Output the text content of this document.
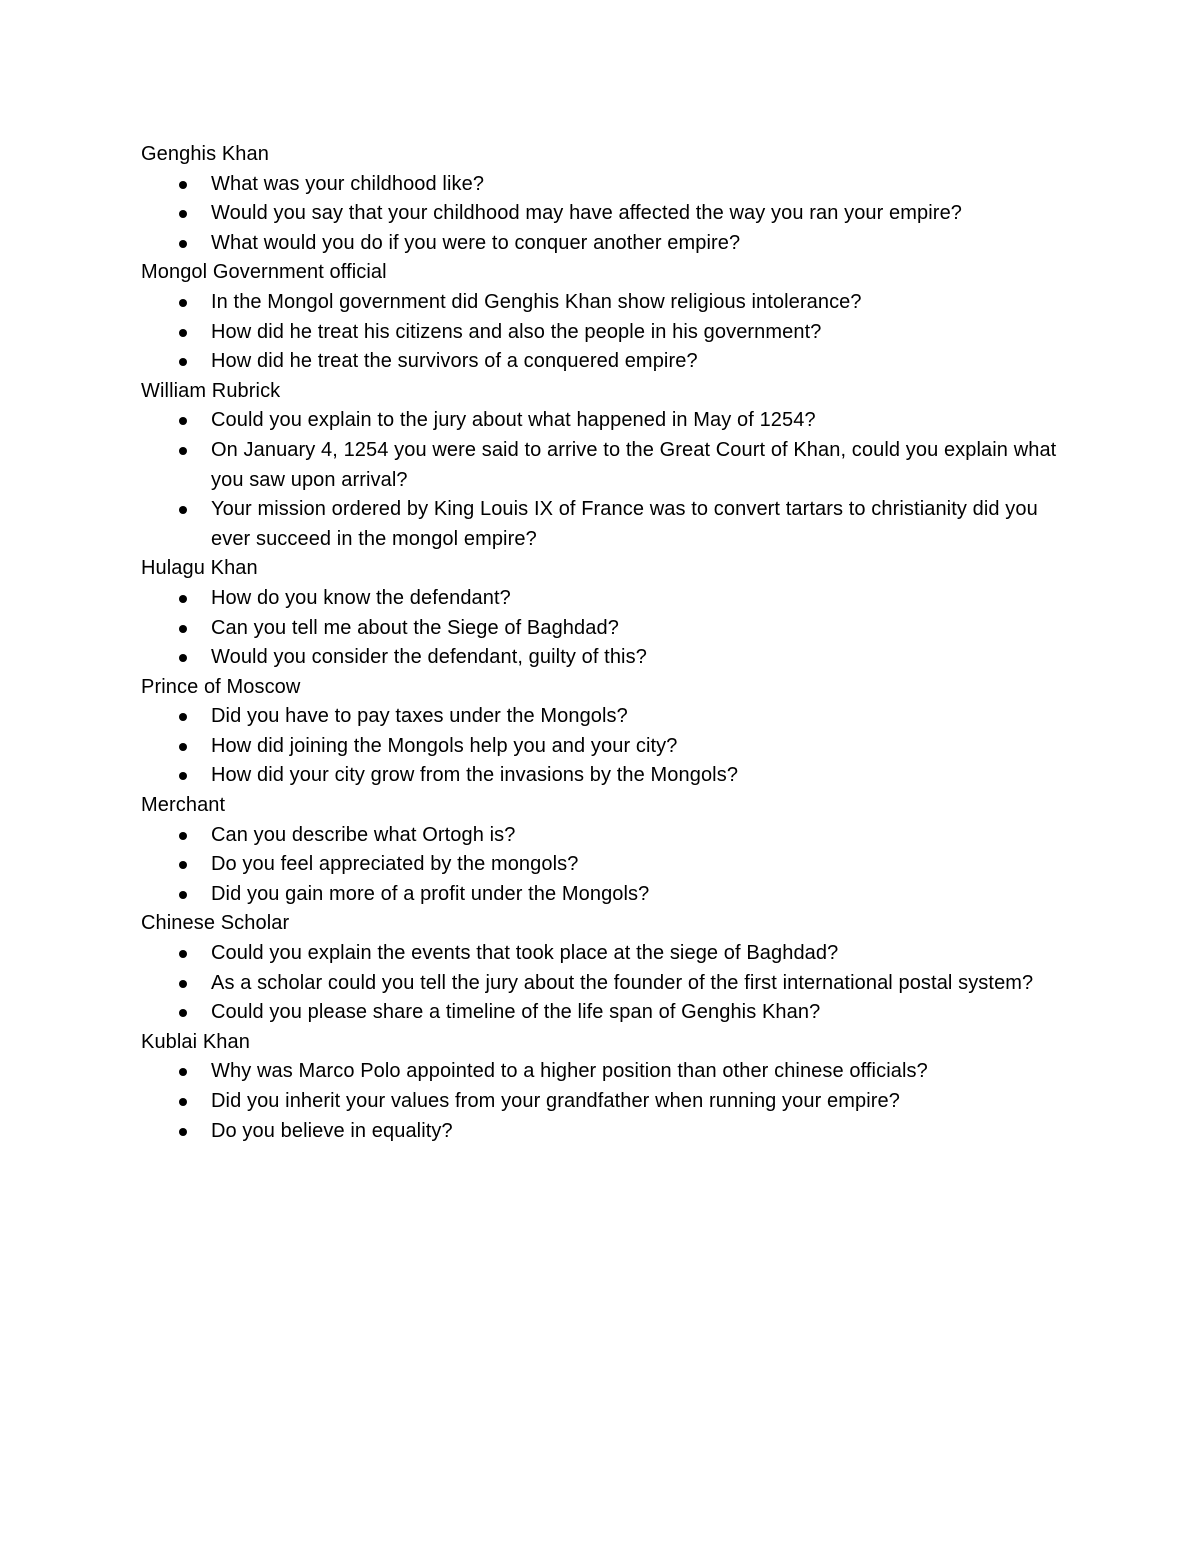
Genghis Khan

What was your childhood like?
Would you say that your childhood may have affected the way you ran your empire?
What would you do if you were to conquer another empire?

Mongol Government official

In the Mongol government did Genghis Khan show religious intolerance?
How did he treat his citizens and also the people in his government?
How did he treat the survivors of a conquered empire?

William Rubrick

Could you explain to the jury about what happened in May of 1254?
On January 4, 1254 you were said to arrive to the Great Court of Khan, could you explain what you saw upon arrival?
Your mission ordered by King Louis IX of France was to convert tartars to christianity did you ever succeed in the mongol empire?

Hulagu Khan

How do you know the defendant?
Can you tell me about the Siege of Baghdad?
Would you consider the defendant, guilty of this?

Prince of Moscow

Did you have to pay taxes under the Mongols?
How did joining the Mongols help you and your city?
How did your city grow from the invasions by the Mongols?

Merchant

Can you describe what Ortogh is?
Do you feel appreciated by the mongols?
Did you gain more of a profit under the Mongols?

Chinese Scholar

Could you explain the events that took place at the siege of Baghdad?
As a scholar could you tell the jury about the founder of the first international postal system?
Could you please share a timeline of the life span of Genghis Khan?

Kublai Khan

Why was Marco Polo appointed to a higher position than other chinese officials?
Did you inherit your values from your grandfather when running your empire?
Do you believe in equality?
